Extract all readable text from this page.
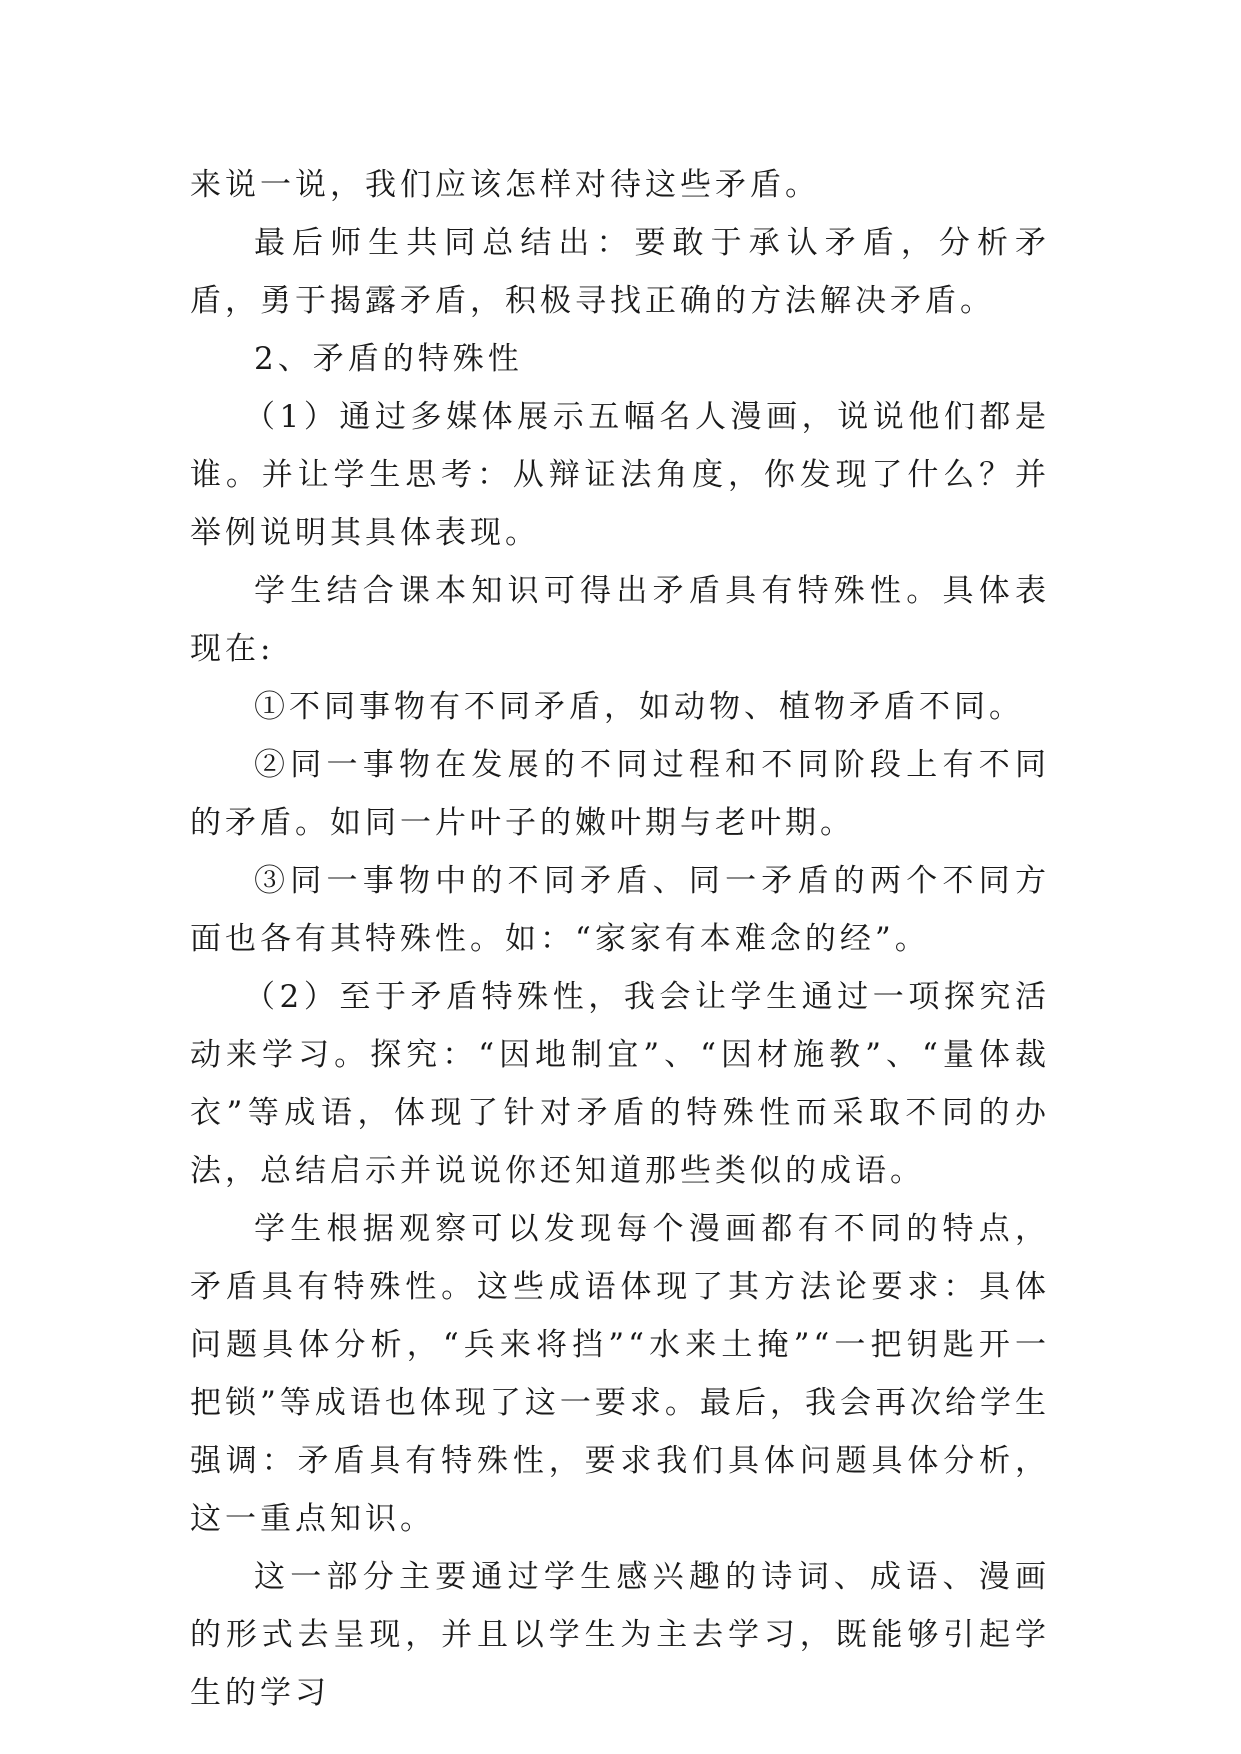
来说一说，我们应该怎样对待这些矛盾。

最后师生共同总结出：要敢于承认矛盾，分析矛盾，勇于揭露矛盾，积极寻找正确的方法解决矛盾。

2、矛盾的特殊性

（1）通过多媒体展示五幅名人漫画，说说他们都是谁。并让学生思考：从辩证法角度，你发现了什么？并举例说明其具体表现。

学生结合课本知识可得出矛盾具有特殊性。具体表现在:

①不同事物有不同矛盾，如动物、植物矛盾不同。

②同一事物在发展的不同过程和不同阶段上有不同的矛盾。如同一片叶子的嫩叶期与老叶期。

③同一事物中的不同矛盾、同一矛盾的两个不同方面也各有其特殊性。如：“家家有本难念的经”。

（2）至于矛盾特殊性，我会让学生通过一项探究活动来学习。探究：“因地制宜”、“因材施教”、“量体裁衣”等成语，体现了针对矛盾的特殊性而采取不同的办法，总结启示并说说你还知道那些类似的成语。

学生根据观察可以发现每个漫画都有不同的特点，矛盾具有特殊性。这些成语体现了其方法论要求：具体问题具体分析，“兵来将挡”“水来土掩”“一把钥匙开一把锁”等成语也体现了这一要求。最后，我会再次给学生强调：矛盾具有特殊性，要求我们具体问题具体分析，这一重点知识。

这一部分主要通过学生感兴趣的诗词、成语、漫画的形式去呈现，并且以学生为主去学习，既能够引起学生的学习
